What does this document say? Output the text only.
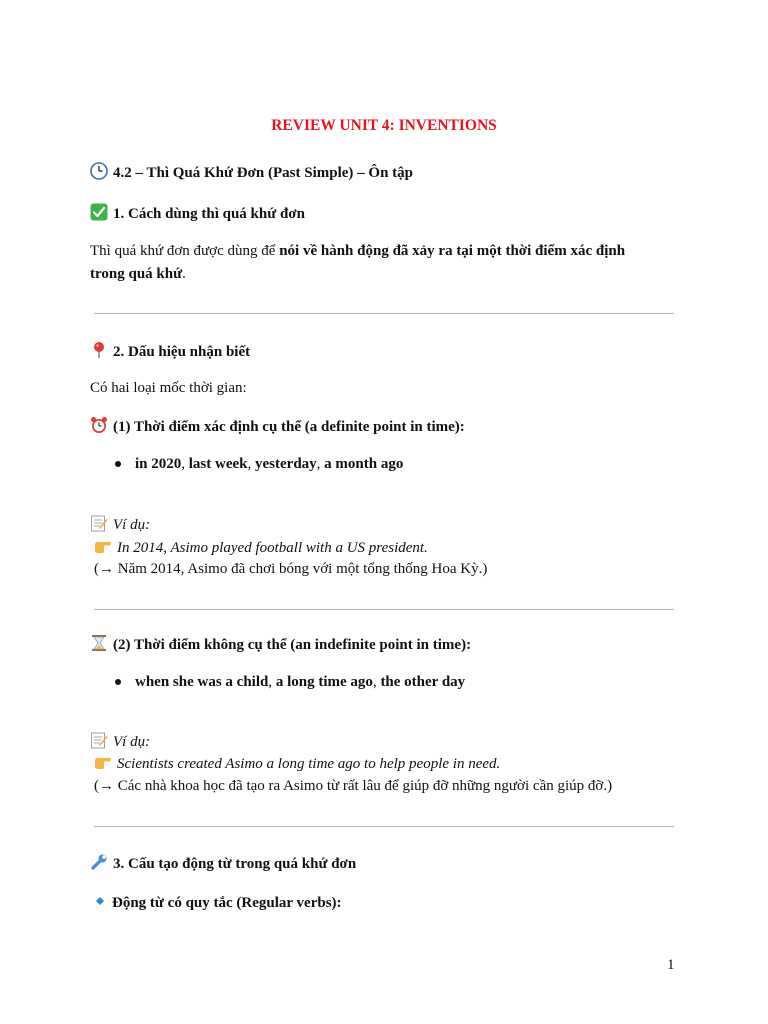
REVIEW UNIT 4: INVENTIONS
4.2 – Thì Quá Khứ Đơn (Past Simple) – Ôn tập
1. Cách dùng thì quá khứ đơn
Thì quá khứ đơn được dùng để nói về hành động đã xảy ra tại một thời điểm xác định
trong quá khứ.
2. Dấu hiệu nhận biết
Có hai loại mốc thời gian:
(1) Thời điểm xác định cụ thể (a definite point in time):
in 2020, last week, yesterday, a month ago
Ví dụ:
In 2014, Asimo played football with a US president.
(→ Năm 2014, Asimo đã chơi bóng với một tổng thống Hoa Kỳ.)
(2) Thời điểm không cụ thể (an indefinite point in time):
when she was a child, a long time ago, the other day
Ví dụ:
Scientists created Asimo a long time ago to help people in need.
(→ Các nhà khoa học đã tạo ra Asimo từ rất lâu để giúp đỡ những người cần giúp đỡ.)
3. Cấu tạo động từ trong quá khứ đơn
Động từ có quy tắc (Regular verbs):
1
